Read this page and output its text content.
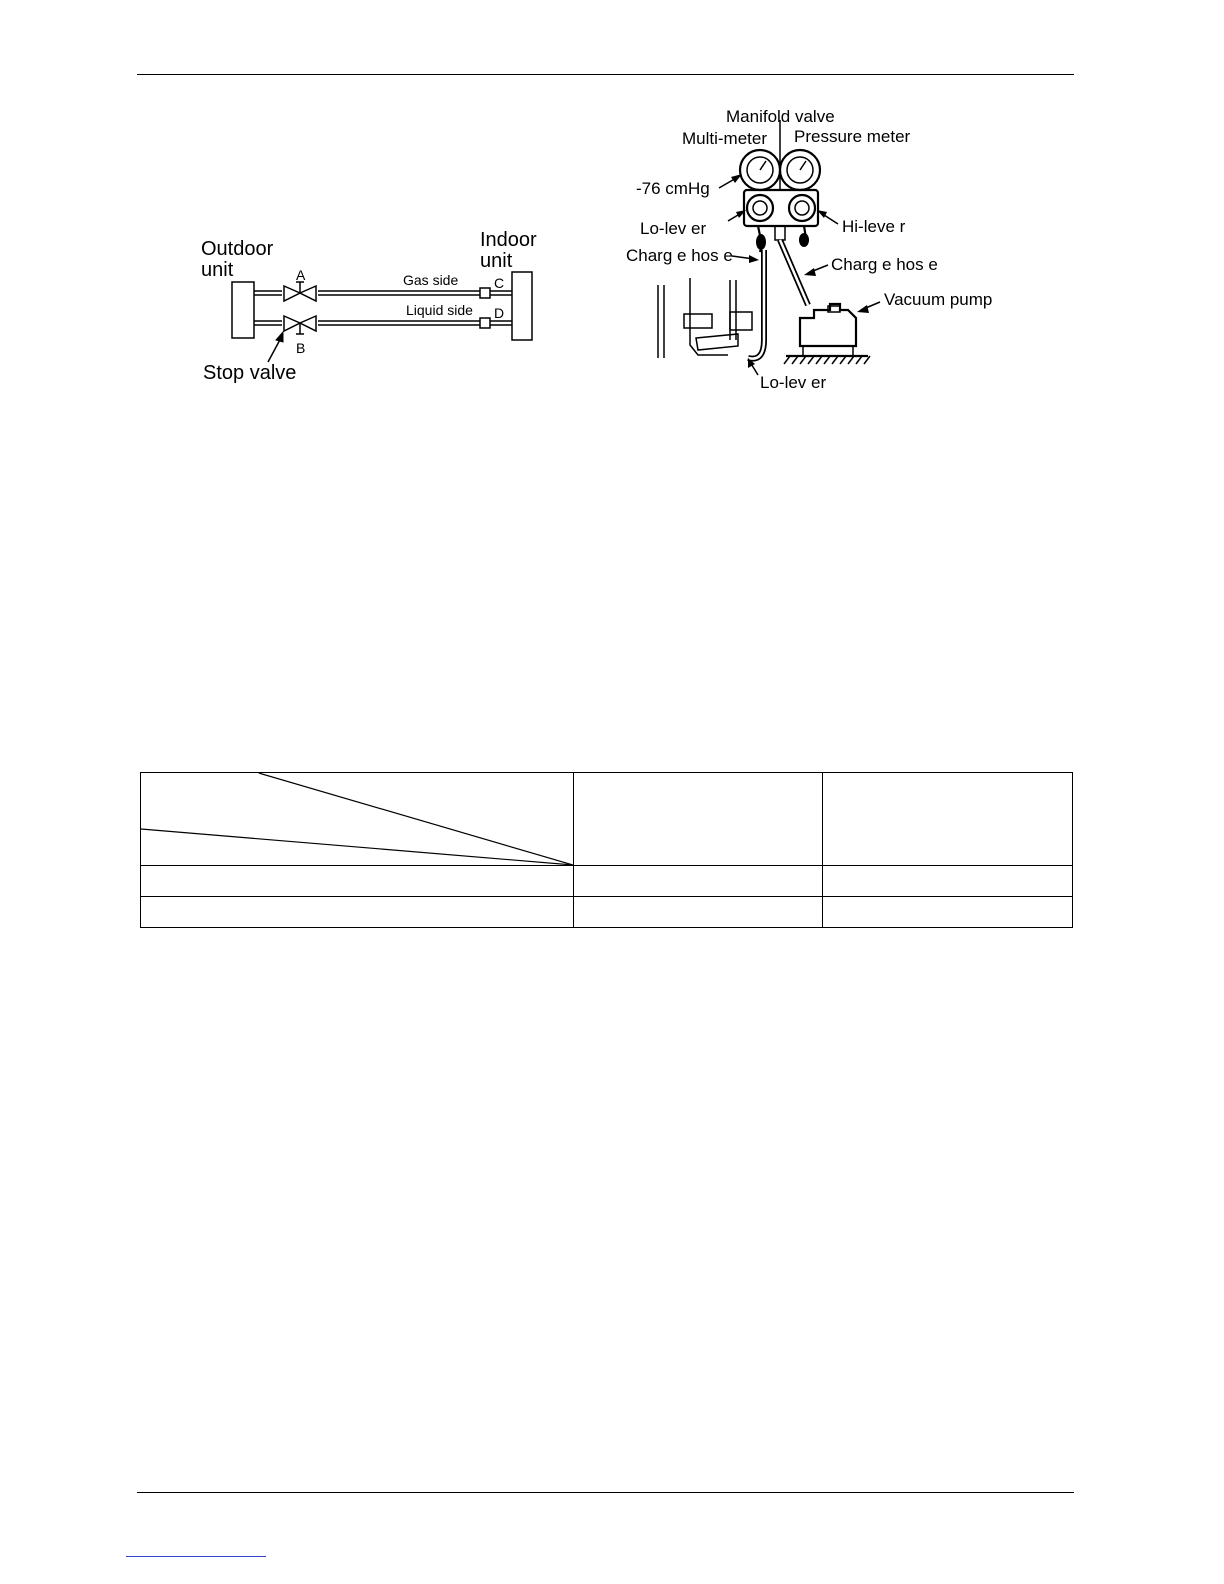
Outdoor
unit
Indoor
unit
A
B
C
D
Gas side
Liquid side
Stop valve
Manifold valve
Multi-meter Pressure meter
-76 cmHg
Lo-lev er	Hi-leve r
Charg e hos e	Charg e hos e
Vacuum pump
Lo-lev er
